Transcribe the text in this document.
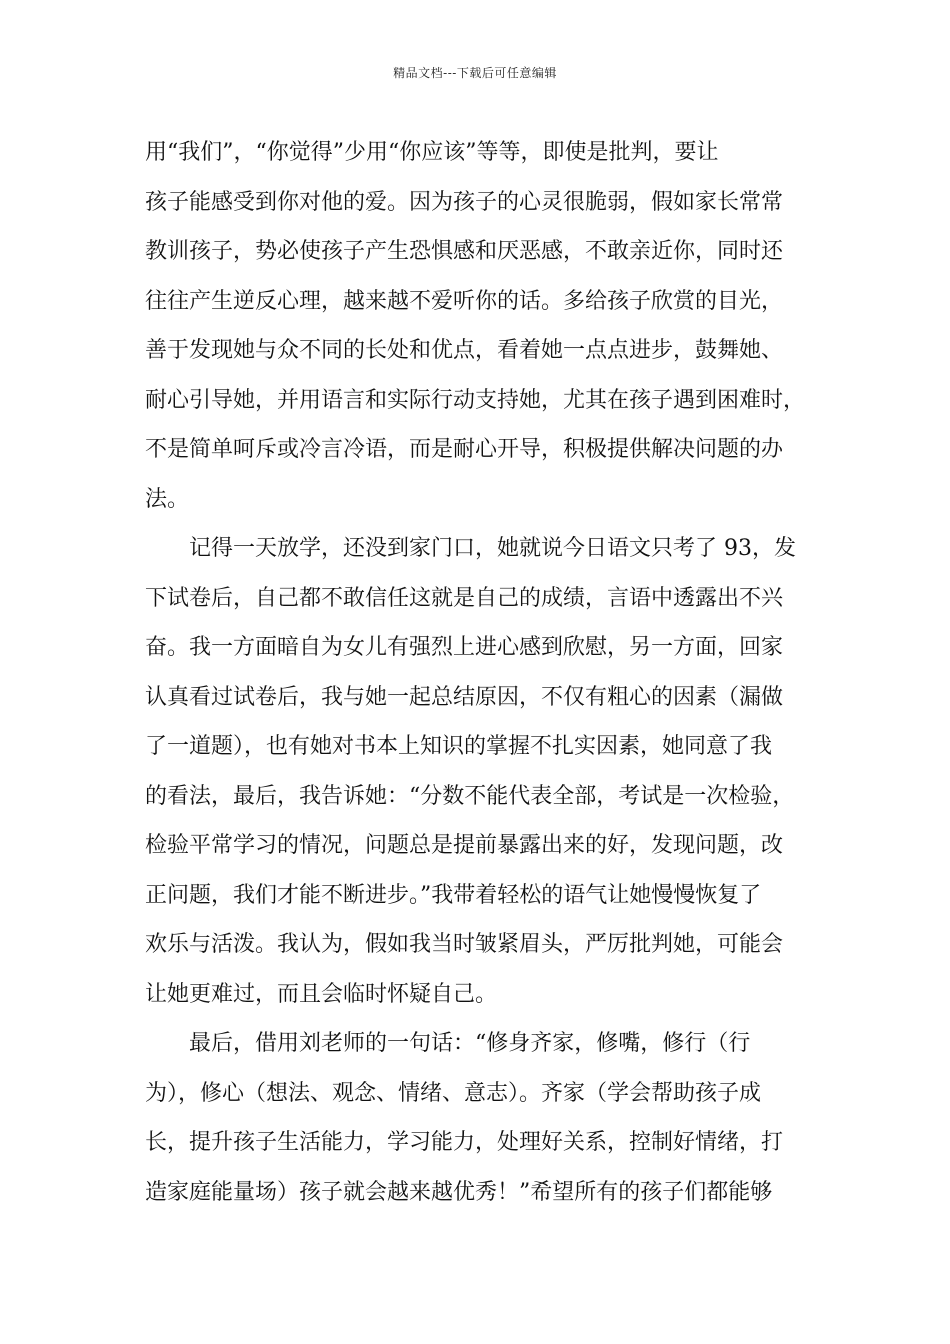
精品文档---下载后可任意编辑
用“我们”，“你觉得”少用“你应该”等等，即使是批判，要让
孩子能感受到你对他的爱。因为孩子的心灵很脆弱，假如家长常常
教训孩子，势必使孩子产生恐惧感和厌恶感，不敢亲近你，同时还
往往产生逆反心理，越来越不爱听你的话。多给孩子欣赏的目光，
善于发现她与众不同的长处和优点，看着她一点点进步，鼓舞她、
耐心引导她，并用语言和实际行动支持她，尤其在孩子遇到困难时，
不是简单呵斥或冷言冷语，而是耐心开导，积极提供解决问题的办
法。
　　记得一天放学，还没到家门口，她就说今日语文只考了 93，发
下试卷后，自己都不敢信任这就是自己的成绩，言语中透露出不兴
奋。我一方面暗自为女儿有强烈上进心感到欣慰，另一方面，回家
认真看过试卷后，我与她一起总结原因，不仅有粗心的因素（漏做
了一道题），也有她对书本上知识的掌握不扎实因素，她同意了我
的看法，最后，我告诉她：“分数不能代表全部，考试是一次检验，
检验平常学习的情况，问题总是提前暴露出来的好，发现问题，改
正问题，我们才能不断进步。”我带着轻松的语气让她慢慢恢复了
欢乐与活泼。我认为，假如我当时皱紧眉头，严厉批判她，可能会
让她更难过，而且会临时怀疑自己。
　　最后，借用刘老师的一句话：“修身齐家，修嘴，修行（行
为），修心（想法、观念、情绪、意志）。齐家（学会帮助孩子成
长，提升孩子生活能力，学习能力，处理好关系，控制好情绪，打
造家庭能量场）孩子就会越来越优秀！”希望所有的孩子们都能够
